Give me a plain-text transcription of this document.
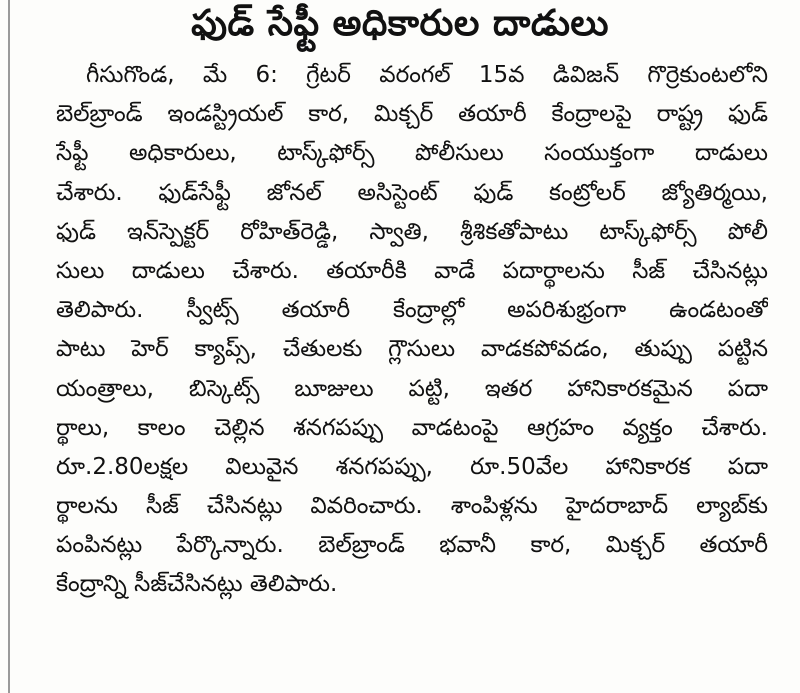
ఫుడ్ సేఫ్టీ అధికారుల దాడులు
గీసుగొండ, మే 6: గ్రేటర్ వరంగల్ 15వ డివిజన్ గొర్రెకుంటలోని
బెల్‌బ్రాండ్ ఇండస్ట్రియల్ కార, మిక్చర్ తయారీ కేంద్రాలపై రాష్ట్ర ఫుడ్
సేఫ్టీ అధికారులు, టాస్క్‌ఫోర్స్ పోలీసులు సంయుక్తంగా దాడులు
చేశారు. ఫుడ్‌సేఫ్టీ జోనల్ అసిస్టెంట్ ఫుడ్ కంట్రోలర్ జ్యోతిర్మయి,
ఫుడ్ ఇన్‌స్పెక్టర్ రోహిత్‌రెడ్డి, స్వాతి, శ్రీశికతోపాటు టాస్క్‌ఫోర్స్ పోలీ
సులు దాడులు చేశారు. తయారీకి వాడే పదార్థాలను సీజ్ చేసినట్లు
తెలిపారు. స్వీట్స్ తయారీ కేంద్రాల్లో అపరిశుభ్రంగా ఉండటంతో
పాటు హెర్ క్యాప్స్, చేతులకు గ్లౌసులు వాడకపోవడం, తుప్పు పట్టిన
యంత్రాలు, బిస్కెట్స్ బూజులు పట్టి, ఇతర హానికారకమైన పదా
ర్థాలు, కాలం చెల్లిన శనగపప్పు వాడటంపై ఆగ్రహం వ్యక్తం చేశారు.
రూ.2.80లక్షల విలువైన శనగపప్పు, రూ.50వేల హానికారక పదా
ర్థాలను సీజ్ చేసినట్లు వివరించారు. శాంపిళ్లను హైదరాబాద్ ల్యాబ్‌కు
పంపినట్లు పేర్కొన్నారు. బెల్‌బ్రాండ్ భవానీ కార, మిక్చర్ తయారీ
కేంద్రాన్ని సీజ్‌చేసినట్లు తెలిపారు.
